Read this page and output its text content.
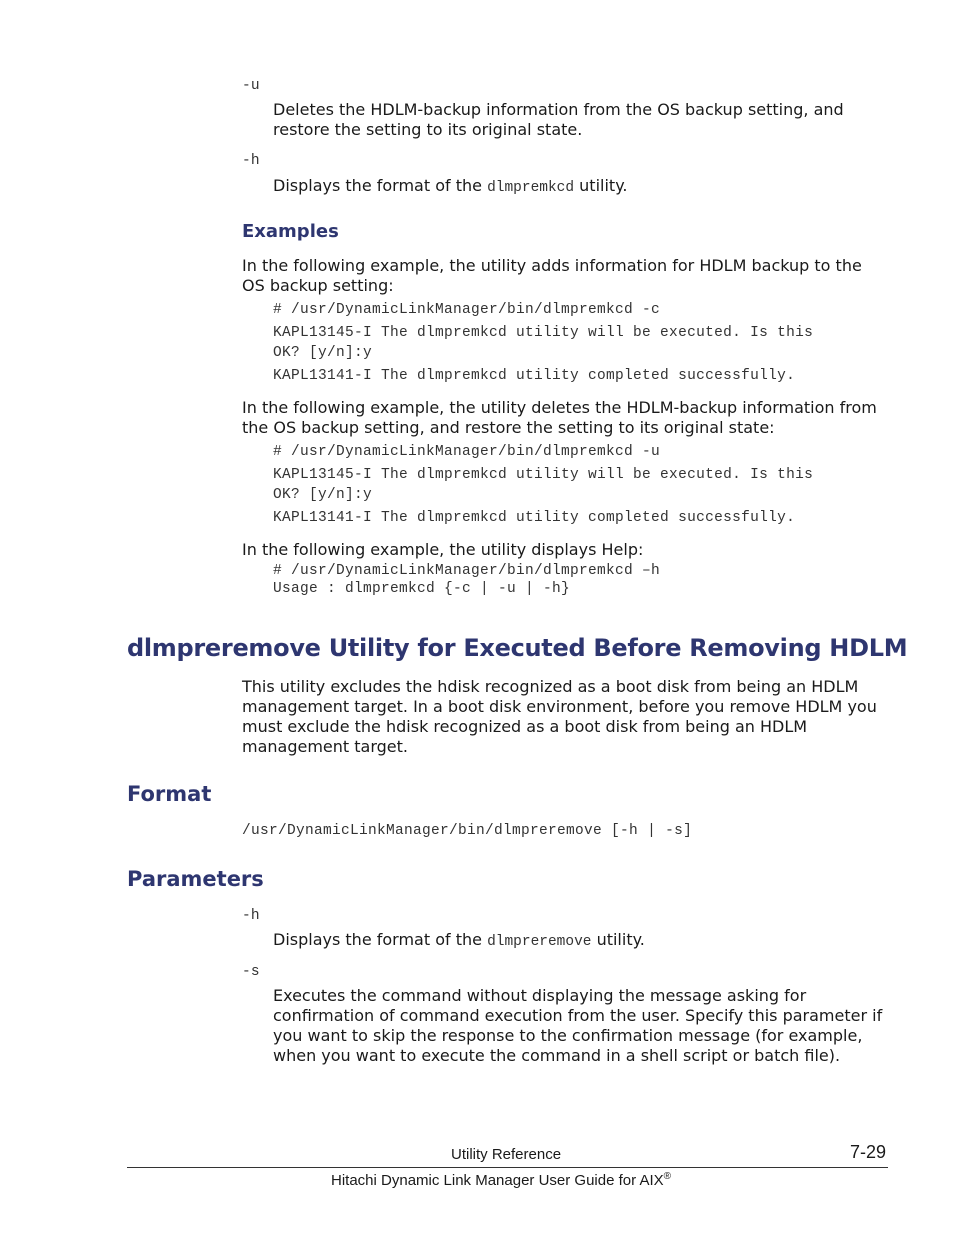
-u
Deletes the HDLM-backup information from the OS backup setting, and restore the setting to its original state.
-h
Displays the format of the dlmpremkcd utility.
Examples
In the following example, the utility adds information for HDLM backup to the OS backup setting:
# /usr/DynamicLinkManager/bin/dlmpremkcd -c
KAPL13145-I The dlmpremkcd utility will be executed. Is this
OK? [y/n]:y
KAPL13141-I The dlmpremkcd utility completed successfully.
In the following example, the utility deletes the HDLM-backup information from the OS backup setting, and restore the setting to its original state:
# /usr/DynamicLinkManager/bin/dlmpremkcd -u
KAPL13145-I The dlmpremkcd utility will be executed. Is this
OK? [y/n]:y
KAPL13141-I The dlmpremkcd utility completed successfully.
In the following example, the utility displays Help:
# /usr/DynamicLinkManager/bin/dlmpremkcd –h
Usage : dlmpremkcd {-c | -u | -h}
dlmpreremove Utility for Executed Before Removing HDLM
This utility excludes the hdisk recognized as a boot disk from being an HDLM management target. In a boot disk environment, before you remove HDLM you must exclude the hdisk recognized as a boot disk from being an HDLM management target.
Format
/usr/DynamicLinkManager/bin/dlmpreremove [-h | -s]
Parameters
-h
Displays the format of the dlmpreremove utility.
-s
Executes the command without displaying the message asking for confirmation of command execution from the user. Specify this parameter if you want to skip the response to the confirmation message (for example, when you want to execute the command in a shell script or batch file).
Utility Reference	7-29
Hitachi Dynamic Link Manager User Guide for AIX®
